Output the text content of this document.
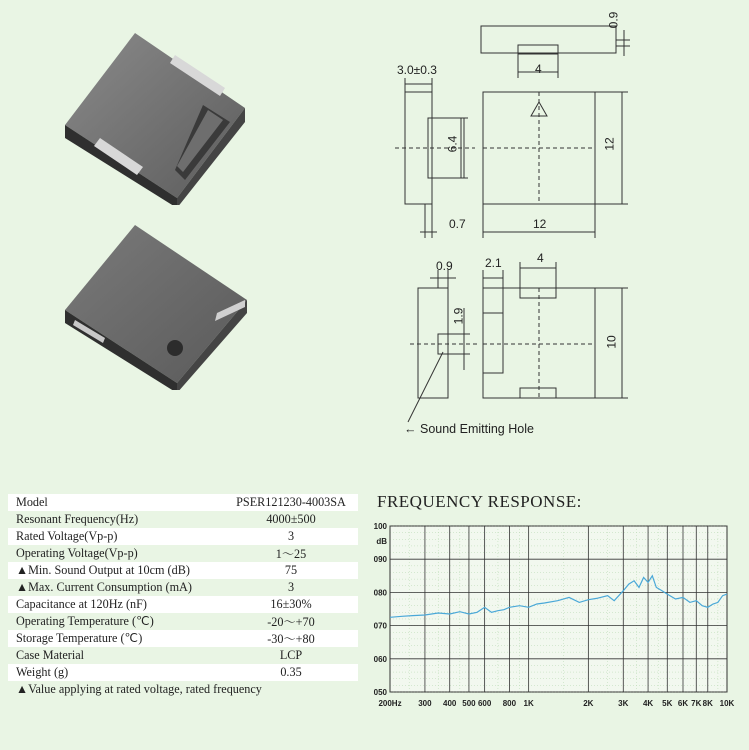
3.0±0.3	4
0.9
6.4	12
0.7	12
0.9	2.1	4
1.9
10
← Sound Emitting Hole
Model	PSER121230-4003SA
Resonant Frequency(Hz)	4000±500
Rated Voltage(Vp-p)	3
Operating Voltage(Vp-p)	1～25
▲Min. Sound Output at 10cm (dB)	75
▲Max. Current Consumption (mA)	3
Capacitance at 120Hz (nF)	16±30%
Operating Temperature (℃)	-20～+70
Storage Temperature (℃)	-30～+80
Case Material	LCP
Weight (g)	0.35
▲Value applying at rated voltage, rated frequency
FREQUENCY RESPONSE:
050
060
070
080
090
100
200Hz 300 400 500 600 800 1K	2K	3K 4K 5K 6K 7K 8K 10K
dB
